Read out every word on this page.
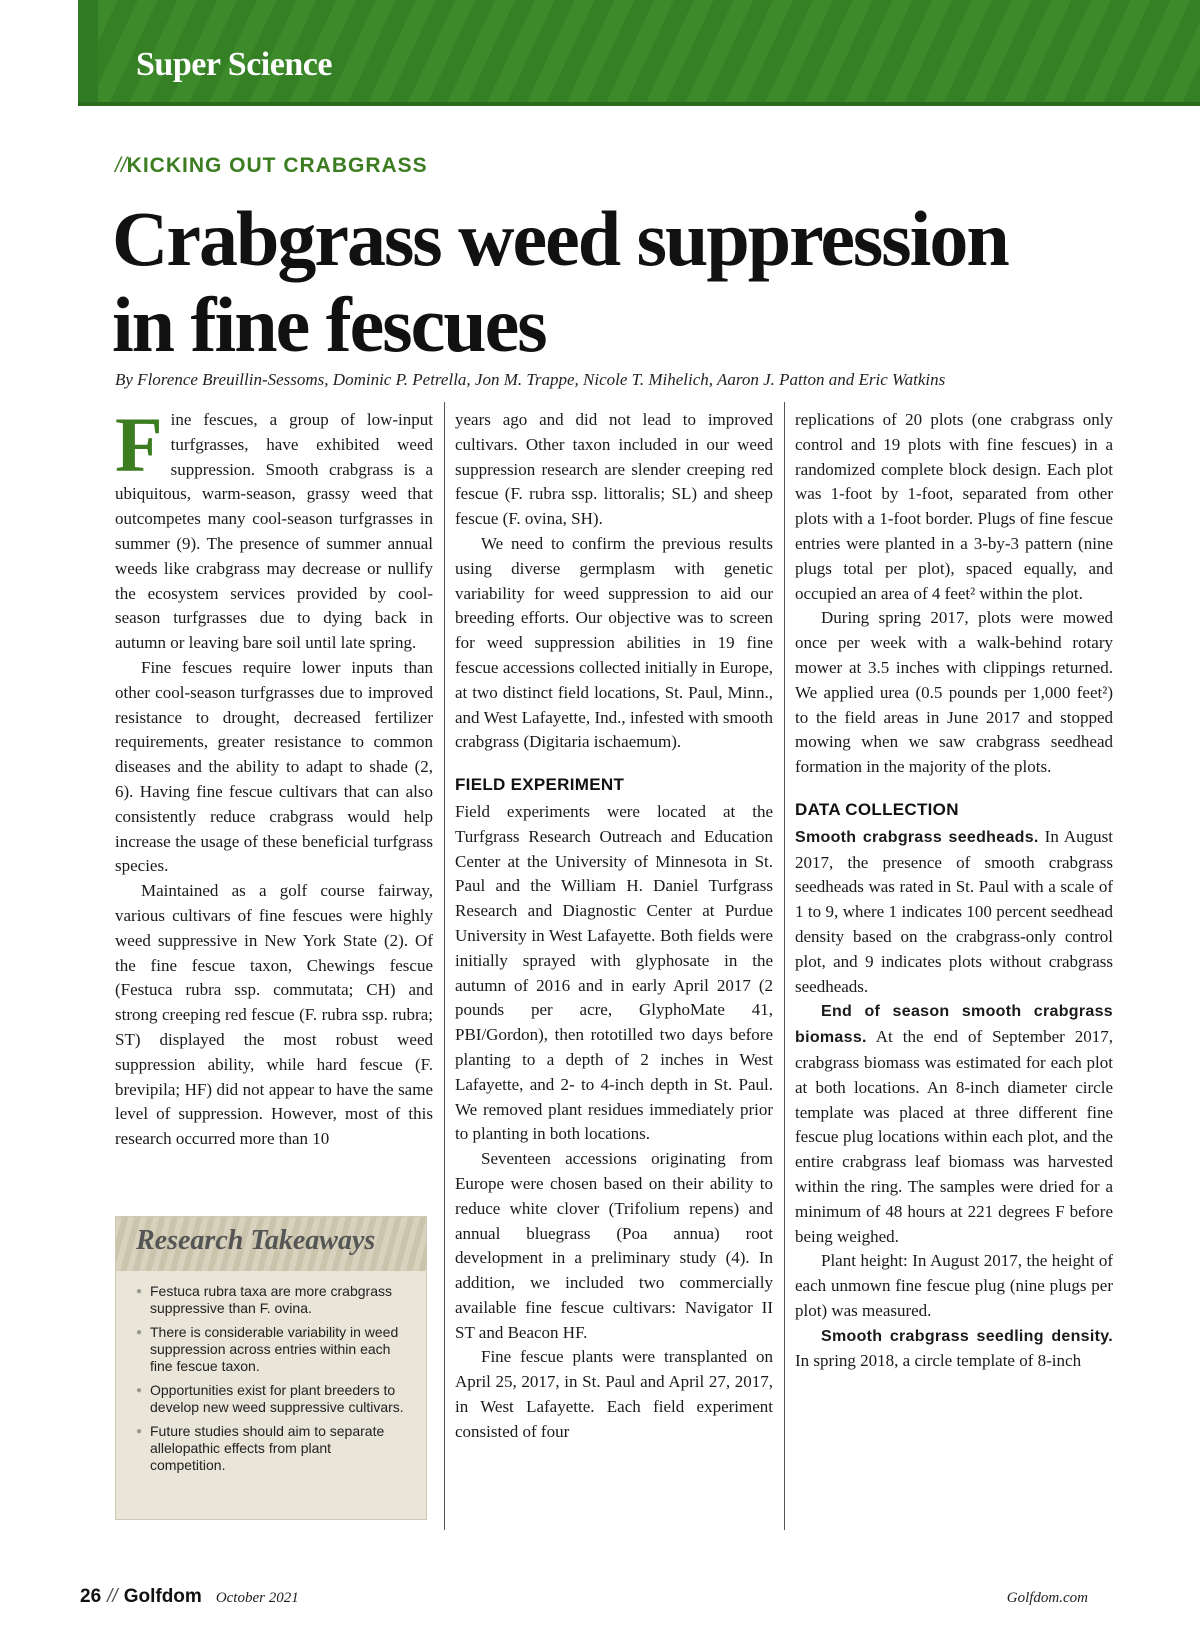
Super Science
//KICKING OUT CRABGRASS
Crabgrass weed suppression
in fine fescues
By Florence Breuillin-Sessoms, Dominic P. Petrella, Jon M. Trappe, Nicole T. Mihelich, Aaron J. Patton and Eric Watkins

Fine fescues, a group of low-input turfgrasses, have exhibited weed suppression. Smooth crabgrass is a ubiquitous, warm-season, grassy weed that outcompetes many cool-season turfgrasses in summer (9). The presence of summer annual weeds like crabgrass may decrease or nullify the ecosystem services provided by cool-season turfgrasses due to dying back in autumn or leaving bare soil until late spring.

Fine fescues require lower inputs than other cool-season turfgrasses due to improved resistance to drought, decreased fertilizer requirements, greater resistance to common diseases and the ability to adapt to shade (2, 6). Having fine fescue cultivars that can also consistently reduce crabgrass would help increase the usage of these beneficial turfgrass species.

Maintained as a golf course fairway, various cultivars of fine fescues were highly weed suppressive in New York State (2). Of the fine fescue taxon, Chewings fescue (Festuca rubra ssp. commutata; CH) and strong creeping red fescue (F. rubra ssp. rubra; ST) displayed the most robust weed suppression ability, while hard fescue (F. brevipila; HF) did not appear to have the same level of suppression. However, most of this research occurred more than 10

Research Takeaways
● Festuca rubra taxa are more crabgrass suppressive than F. ovina.
● There is considerable variability in weed suppression across entries within each fine fescue taxon.
● Opportunities exist for plant breeders to develop new weed suppressive cultivars.
● Future studies should aim to separate allelopathic effects from plant competition.

years ago and did not lead to improved cultivars. Other taxon included in our weed suppression research are slender creeping red fescue (F. rubra ssp. littoralis; SL) and sheep fescue (F. ovina, SH).

We need to confirm the previous results using diverse germplasm with genetic variability for weed suppression to aid our breeding efforts. Our objective was to screen for weed suppression abilities in 19 fine fescue accessions collected initially in Europe, at two distinct field locations, St. Paul, Minn., and West Lafayette, Ind., infested with smooth crabgrass (Digitaria ischaemum).

FIELD EXPERIMENT

Field experiments were located at the Turfgrass Research Outreach and Education Center at the University of Minnesota in St. Paul and the William H. Daniel Turfgrass Research and Diagnostic Center at Purdue University in West Lafayette. Both fields were initially sprayed with glyphosate in the autumn of 2016 and in early April 2017 (2 pounds per acre, GlyphoMate 41, PBI/Gordon), then rototilled two days before planting to a depth of 2 inches in West Lafayette, and 2- to 4-inch depth in St. Paul. We removed plant residues immediately prior to planting in both locations.

Seventeen accessions originating from Europe were chosen based on their ability to reduce white clover (Trifolium repens) and annual bluegrass (Poa annua) root development in a preliminary study (4). In addition, we included two commercially available fine fescue cultivars: Navigator II ST and Beacon HF.

Fine fescue plants were transplanted on April 25, 2017, in St. Paul and April 27, 2017, in West Lafayette. Each field experiment consisted of four

replications of 20 plots (one crabgrass only control and 19 plots with fine fescues) in a randomized complete block design. Each plot was 1-foot by 1-foot, separated from other plots with a 1-foot border. Plugs of fine fescue entries were planted in a 3-by-3 pattern (nine plugs total per plot), spaced equally, and occupied an area of 4 feet² within the plot.

During spring 2017, plots were mowed once per week with a walk-behind rotary mower at 3.5 inches with clippings returned. We applied urea (0.5 pounds per 1,000 feet²) to the field areas in June 2017 and stopped mowing when we saw crabgrass seedhead formation in the majority of the plots.

DATA COLLECTION

Smooth crabgrass seedheads. In August 2017, the presence of smooth crabgrass seedheads was rated in St. Paul with a scale of 1 to 9, where 1 indicates 100 percent seedhead density based on the crabgrass-only control plot, and 9 indicates plots without crabgrass seedheads.

End of season smooth crabgrass biomass. At the end of September 2017, crabgrass biomass was estimated for each plot at both locations. An 8-inch diameter circle template was placed at three different fine fescue plug locations within each plot, and the entire crabgrass leaf biomass was harvested within the ring. The samples were dried for a minimum of 48 hours at 221 degrees F before being weighed.

Plant height: In August 2017, the height of each unmown fine fescue plug (nine plugs per plot) was measured.

Smooth crabgrass seedling density. In spring 2018, a circle template of 8-inch

26 // Golfdom October 2021	Golfdom.com
